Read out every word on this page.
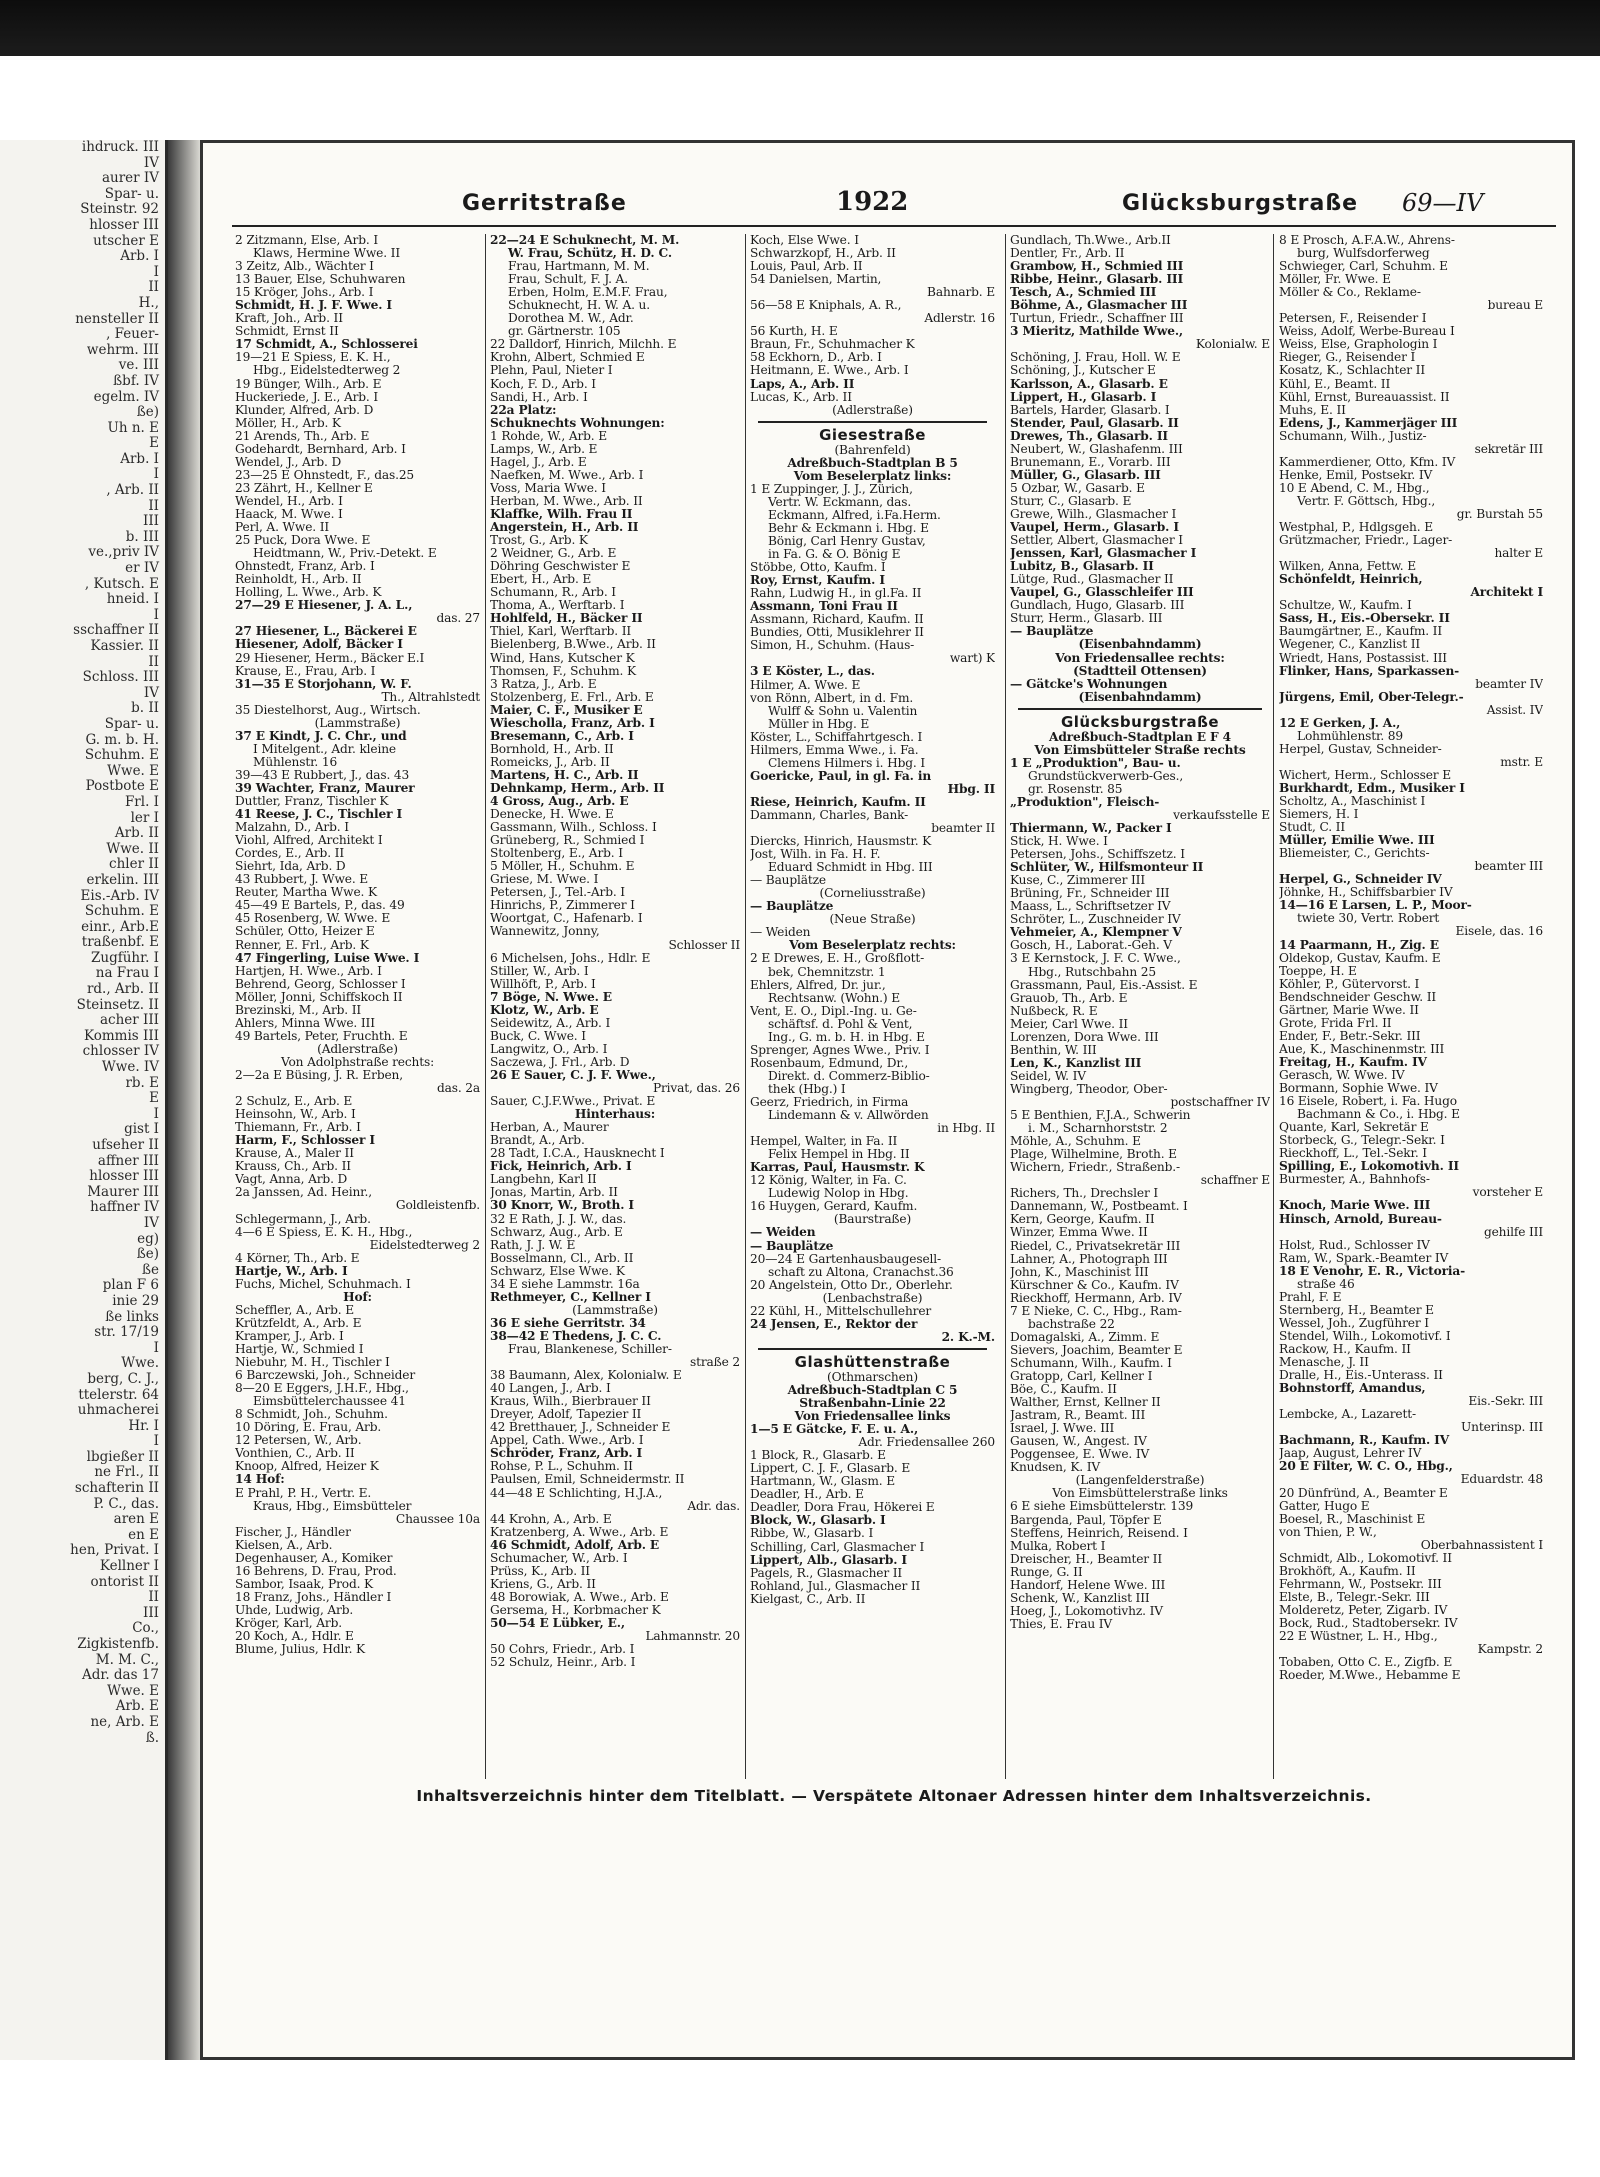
ihdruck. III
IV
aurer IV
Spar- u.
Steinstr. 92
hlosser III
utscher E
Arb. I
I
II
H.,
nensteller II
, Feuer-
wehrm. III
ve. III
ßbf. IV
egelm. IV
ße)
Uh n. E
E
Arb. I
I
, Arb. II
II
III
b. III
ve.,priv IV
er IV
, Kutsch. E
hneid. I
I
sschaffner II
Kassier. II
II
Schloss. III
IV
b. II
Spar- u.
G. m. b. H.
Schuhm. E
Wwe. E
Postbote E
Frl. I
ler I
Arb. II
Wwe. II
chler II
erkelin. III
Eis.-Arb. IV
Schuhm. E
einr., Arb.E
traßenbf. E
Zugführ. I
na Frau I
rd., Arb. II
Steinsetz. II
acher III
Kommis III
chlosser IV
Wwe. IV
rb. E
E
I
gist I
ufseher II
affner III
hlosser III
Maurer III
haffner IV
IV
eg)
ße)
ße
plan F 6
inie 29
ße links
str. 17/19
I
Wwe.
berg, C. J.,
ttelerstr. 64
uhmacherei
Hr. I
I
lbgießer II
ne Frl., II
schafterin II
P. C., das.
aren E
en E
hen, Privat. I
Kellner I
ontorist II
II
III
Co.,
Zigkistenfb.
M. M. C.,
Adr. das 17
Wwe. E
Arb. E
ne, Arb. E
ß.
Gerritstraße	1922	Glücksburgstraße 69—IV
2 Zitzmann, Else, Arb. I
Klaws, Hermine Wwe. II
3 Zeitz, Alb., Wächter I
13 Bauer, Else, Schuhwaren
15 Kröger, Johs., Arb. I
Schmidt, H. J. F. Wwe. I
Kraft, Joh., Arb. II
Schmidt, Ernst II
17 Schmidt, A., Schlosserei
19—21 E Spiess, E. K. H.,
Hbg., Eidelstedterweg 2
19 Bünger, Wilh., Arb. E
Huckeriede, J. E., Arb. I
Klunder, Alfred, Arb. D
Möller, H., Arb. K
21 Arends, Th., Arb. E
Godehardt, Bernhard, Arb. I
Wendel, J., Arb. D
23—25 E Ohnstedt, F., das.25
23 Zährt, H., Kellner E
Wendel, H., Arb. I
Haack, M. Wwe. I
Perl, A. Wwe. II
25 Puck, Dora Wwe. E
Heidtmann, W., Priv.-Detekt. E
Ohnstedt, Franz, Arb. I
Reinholdt, H., Arb. II
Holling, L. Wwe., Arb. K
27—29 E Hiesener, J. A. L.,
das. 27
27 Hiesener, L., Bäckerei E
Hiesener, Adolf, Bäcker I
29 Hiesener, Herm., Bäcker E.I
Krause, E., Frau, Arb. I
31—35 E Storjohann, W. F.
Th., Altrahlstedt
35 Diestelhorst, Aug., Wirtsch.
(Lammstraße)
37 E Kindt, J. C. Chr., und
I Mitelgent., Adr. kleine
Mühlenstr. 16
39—43 E Rubbert, J., das. 43
39 Wachter, Franz, Maurer
Duttler, Franz, Tischler K
41 Reese, J. C., Tischler I
Malzahn, D., Arb. I
Viohl, Alfred, Architekt I
Cordes, E., Arb. II
Siehrt, Ida, Arb. D
43 Rubbert, J. Wwe. E
Reuter, Martha Wwe. K
45—49 E Bartels, P., das. 49
45 Rosenberg, W. Wwe. E
Schüler, Otto, Heizer E
Renner, E. Frl., Arb. K
47 Fingerling, Luise Wwe. I
Hartjen, H. Wwe., Arb. I
Behrend, Georg, Schlosser I
Möller, Jonni, Schiffskoch II
Brezinski, M., Arb. II
Ahlers, Minna Wwe. III
49 Bartels, Peter, Fruchth. E
(Adlerstraße)
Von Adolphstraße rechts:
2—2a E Büsing, J. R. Erben,
das. 2a
2 Schulz, E., Arb. E
Heinsohn, W., Arb. I
Thiemann, Fr., Arb. I
Harm, F., Schlosser I
Krause, A., Maler II
Krauss, Ch., Arb. II
Vagt, Anna, Arb. D
2a Janssen, Ad. Heinr.,
Goldleistenfb.
Schlegermann, J., Arb.
4—6 E Spiess, E. K. H., Hbg.,
Eidelstedterweg 2
4 Körner, Th., Arb. E
Hartje, W., Arb. I
Fuchs, Michel, Schuhmach. I
Hof:
Scheffler, A., Arb. E
Krützfeldt, A., Arb. E
Kramper, J., Arb. I
Hartje, W., Schmied I
Niebuhr, M. H., Tischler I
6 Barczewski, Joh., Schneider
8—20 E Eggers, J.H.F., Hbg.,
Eimsbüttelerchaussee 41
8 Schmidt, Joh., Schuhm.
10 Döring, E. Frau, Arb.
12 Petersen, W., Arb.
Vonthien, C., Arb. II
Knoop, Alfred, Heizer K
14 Hof:
E Prahl, P. H., Vertr. E.
Kraus, Hbg., Eimsbütteler
Chaussee 10a
Fischer, J., Händler
Kielsen, A., Arb.
Degenhauser, A., Komiker
16 Behrens, D. Frau, Prod.
Sambor, Isaak, Prod. K
18 Franz, Johs., Händler I
Uhde, Ludwig, Arb.
Kröger, Karl, Arb.
20 Koch, A., Hdlr. E
Blume, Julius, Hdlr. K
22—24 E Schuknecht, M. M.
W. Frau, Schütz, H. D. C.
Frau, Hartmann, M. M.
Frau, Schult, F. J. A.
Erben, Holm, E.M.F. Frau,
Schuknecht, H. W. A. u.
Dorothea M. W., Adr.
gr. Gärtnerstr. 105
22 Dalldorf, Hinrich, Milchh. E
Krohn, Albert, Schmied E
Plehn, Paul, Nieter I
Koch, F. D., Arb. I
Sandi, H., Arb. I
22a Platz:
Schuknechts Wohnungen:
1 Rohde, W., Arb. E
Lamps, W., Arb. E
Hagel, J., Arb. E
Naefken, M. Wwe., Arb. I
Voss, Maria Wwe. I
Herban, M. Wwe., Arb. II
Klaffke, Wilh. Frau II
Angerstein, H., Arb. II
Trost, G., Arb. K
2 Weidner, G., Arb. E
Döhring Geschwister E
Ebert, H., Arb. E
Schumann, R., Arb. I
Thoma, A., Werftarb. I
Hohlfeld, H., Bäcker II
Thiel, Karl, Werftarb. II
Bielenberg, B.Wwe., Arb. II
Wind, Hans, Kutscher K
Thomsen, F., Schuhm. K
3 Ratza, J., Arb. E
Stolzenberg, E. Frl., Arb. E
Maier, C. F., Musiker E
Wieschollа, Franz, Arb. I
Bresemann, C., Arb. I
Bornhold, H., Arb. II
Romeicks, J., Arb. II
Martens, H. C., Arb. II
Dehnkamp, Herm., Arb. II
4 Gross, Aug., Arb. E
Denecke, H. Wwe. E
Gassmann, Wilh., Schloss. I
Grüneberg, R., Schmied I
Stoltenberg, E., Arb. I
5 Möller, H., Schuhm. E
Griese, M. Wwe. I
Petersen, J., Tel.-Arb. I
Hinrichs, P., Zimmerer I
Woortgat, C., Hafenarb. I
Wannewitz, Jonny,
Schlosser II
6 Michelsen, Johs., Hdlr. E
Stiller, W., Arb. I
Willhöft, P., Arb. I
7 Böge, N. Wwe. E
Klotz, W., Arb. E
Seidewitz, A., Arb. I
Buck, C. Wwe. I
Langwitz, O., Arb. I
Saczewa, J. Frl., Arb. D
26 E Sauer, C. J. F. Wwe.,
Privat, das. 26
Sauer, C.J.F.Wwe., Privat. E
Hinterhaus:
Herban, A., Maurer
Brandt, A., Arb.
28 Tadt, I.C.A., Hausknecht I
Fick, Heinrich, Arb. I
Langbehn, Karl II
Jonas, Martin, Arb. II
30 Knorr, W., Broth. I
32 E Rath, J. J. W., das.
Schwarz, Aug., Arb. E
Rath, J. J. W. E
Bosselmann, Cl., Arb. II
Schwarz, Else Wwe. K
34 E siehe Lammstr. 16a
Rethmeyer, C., Kellner I
(Lammstraße)
36 E siehe Gerritstr. 34
38—42 E Thedens, J. C. C.
Frau, Blankenese, Schiller-
straße 2
38 Baumann, Alex, Kolonialw. E
40 Langen, J., Arb. I
Kraus, Wilh., Bierbrauer II
Dreyer, Adolf, Tapezier II
42 Bretthauer, J., Schneider E
Appel, Cath. Wwe., Arb. I
Schröder, Franz, Arb. I
Rohse, P. L., Schuhm. II
Paulsen, Emil, Schneidermstr. II
44—48 E Schlichting, H.J.A.,
Adr. das.
44 Krohn, A., Arb. E
Kratzenberg, A. Wwe., Arb. E
46 Schmidt, Adolf, Arb. E
Schumacher, W., Arb. I
Prüss, K., Arb. II
Kriens, G., Arb. II
48 Borowiak, A. Wwe., Arb. E
Gersema, H., Korbmacher K
50—54 E Lübker, E.,
Lahmannstr. 20
50 Cohrs, Friedr., Arb. I
52 Schulz, Heinr., Arb. I
Koch, Else Wwe. I
Schwarzkopf, H., Arb. II
Louis, Paul, Arb. II
54 Danielsen, Martin,
Bahnarb. E
56—58 E Kniphals, A. R.,
Adlerstr. 16
56 Kurth, H. E
Braun, Fr., Schuhmacher K
58 Eckhorn, D., Arb. I
Heitmann, E. Wwe., Arb. I
Laps, A., Arb. II
Lucas, K., Arb. II
(Adlerstraße)
Giesestraße
(Bahrenfeld)
Adreßbuch-Stadtplan B 5
Vom Beselerplatz links:
1 E Zuppinger, J. J., Zürich,
Vertr. W. Eckmann, das.
Eckmann, Alfred, i.Fa.Herm.
Behr & Eckmann i. Hbg. E
Bönig, Carl Henry Gustav,
in Fa. G. & O. Bönig E
Stöbbe, Otto, Kaufm. I
Roy, Ernst, Kaufm. I
Rahn, Ludwig H., in gl.Fa. II
Assmann, Toni Frau II
Assmann, Richard, Kaufm. II
Bundies, Otti, Musiklehrer II
Simon, H., Schuhm. (Haus-
wart) K
3 E Köster, L., das.
Hilmer, A. Wwe. E
von Rönn, Albert, in d. Fm.
Wulff & Sohn u. Valentin
Müller in Hbg. E
Köster, L., Schiffahrtgesch. I
Hilmers, Emma Wwe., i. Fa.
Clemens Hilmers i. Hbg. I
Goericke, Paul, in gl. Fa. in
Hbg. II
Riese, Heinrich, Kaufm. II
Dammann, Charles, Bank-
beamter II
Diercks, Hinrich, Hausmstr. K
Jost, Wilh. in Fa. H. F.
Eduard Schmidt in Hbg. III
— Bauplätze
(Corneliusstraße)
— Bauplätze
(Neue Straße)
— Weiden
Vom Beselerplatz rechts:
2 E Drewes, E. H., Großflott-
bek, Chemnitzstr. 1
Ehlers, Alfred, Dr. jur.,
Rechtsanw. (Wohn.) E
Vent, E. O., Dipl.-Ing. u. Ge-
schäftsf. d. Pohl & Vent,
Ing., G. m. b. H. in Hbg. E
Sprenger, Agnes Wwe., Priv. I
Rosenbaum, Edmund, Dr.,
Direkt. d. Commerz-Biblio-
thek (Hbg.) I
Geerz, Friedrich, in Firma
Lindemann & v. Allwörden
in Hbg. II
Hempel, Walter, in Fa. II
Felix Hempel in Hbg. II
Karras, Paul, Hausmstr. K
12 König, Walter, in Fa. C.
Ludewig Nolop in Hbg.
16 Huygen, Gerard, Kaufm.
(Baurstraße)
— Weiden
— Bauplätze
20—24 E Gartenhausbaugesell-
schaft zu Altona, Cranachst.36
20 Angelstein, Otto Dr., Oberlehr.
(Lenbachstraße)
22 Kühl, H., Mittelschullehrer
24 Jensen, E., Rektor der
2. K.-M.
Glashüttenstraße
(Othmarschen)
Adreßbuch-Stadtplan C 5
Straßenbahn-Linie 22
Von Friedensallee links
1—5 E Gätcke, F. E. u. A.,
Adr. Friedensallee 260
1 Block, R., Glasarb. E
Lippert, C. J. F., Glasarb. E
Hartmann, W., Glasm. E
Deadler, H., Arb. E
Deadler, Dora Frau, Hökerei E
Block, W., Glasarb. I
Ribbe, W., Glasarb. I
Schilling, Carl, Glasmacher I
Lippert, Alb., Glasarb. I
Pagels, R., Glasmacher II
Rohland, Jul., Glasmacher II
Kielgast, C., Arb. II
Gundlach, Th.Wwe., Arb.II
Dentler, Fr., Arb. II
Grambow, H., Schmied III
Ribbe, Heinr., Glasarb. III
Tesch, A., Schmied III
Böhme, A., Glasmacher III
Turtun, Friedr., Schaffner III
3 Mieritz, Mathilde Wwe.,
Kolonialw. E
Schöning, J. Frau, Holl. W. E
Schöning, J., Kutscher E
Karlsson, A., Glasarb. E
Lippert, H., Glasarb. I
Bartels, Harder, Glasarb. I
Stender, Paul, Glasarb. II
Drewes, Th., Glasarb. II
Neubert, W., Glashafenm. III
Brunemann, E., Vorarb. III
Müller, G., Glasarb. III
5 Ozbar, W., Gasarb. E
Sturr, C., Glasarb. E
Grewe, Wilh., Glasmacher I
Vaupel, Herm., Glasarb. I
Settler, Albert, Glasmacher I
Jenssen, Karl, Glasmacher I
Lubitz, B., Glasarb. II
Lütge, Rud., Glasmacher II
Vaupel, G., Glasschleifer III
Gundlach, Hugo, Glasarb. III
Sturr, Herm., Glasarb. III
— Bauplätze
(Eisenbahndamm)
Von Friedensallee rechts:
(Stadtteil Ottensen)
— Gätcke's Wohnungen
(Eisenbahndamm)
Glücksburgstraße
Adreßbuch-Stadtplan E F 4
Von Eimsbütteler Straße rechts
1 E „Produktion", Bau- u.
Grundstückverwerb-Ges.,
gr. Rosenstr. 85
„Produktion", Fleisch-
verkaufsstelle E
Thiermann, W., Packer I
Stick, H. Wwe. I
Petersen, Johs., Schiffszetz. I
Schlüter, W., Hilfsmonteur II
Kuse, C., Zimmerer III
Brüning, Fr., Schneider III
Maass, L., Schriftsetzer IV
Schröter, L., Zuschneider IV
Vehmeier, A., Klempner V
Gosch, H., Laborat.-Geh. V
3 E Kernstock, J. F. C. Wwe.,
Hbg., Rutschbahn 25
Grassmann, Paul, Eis.-Assist. E
Grauob, Th., Arb. E
Nußbeck, R. E
Meier, Carl Wwe. II
Lorenzen, Dora Wwe. III
Benthin, W. III
Len, K., Kanzlist III
Seidel, W. IV
Wingberg, Theodor, Ober-
postschaffner IV
5 E Benthien, F.J.A., Schwerin
i. M., Scharnhorststr. 2
Möhle, A., Schuhm. E
Plage, Wilhelmine, Broth. E
Wichern, Friedr., Straßenb.-
schaffner E
Richers, Th., Drechsler I
Dannemann, W., Postbeamt. I
Kern, George, Kaufm. II
Winzer, Emma Wwe. II
Riedel, C., Privatsekretär III
Lahner, A., Photograph III
John, K., Maschinist III
Kürschner & Co., Kaufm. IV
Rieckhoff, Hermann, Arb. IV
7 E Nieke, C. C., Hbg., Ram-
bachstraße 22
Domagalski, A., Zimm. E
Sievers, Joachim, Beamter E
Schumann, Wilh., Kaufm. I
Gratopp, Carl, Kellner I
Böe, C., Kaufm. II
Walther, Ernst, Kellner II
Jastram, R., Beamt. III
Israel, J. Wwe. III
Gausen, W., Angest. IV
Poggensee, E. Wwe. IV
Knudsen, K. IV
(Langenfelderstraße)
Von Eimsbüttelerstraße links
6 E siehe Eimsbüttelerstr. 139
Bargenda, Paul, Töpfer E
Steffens, Heinrich, Reisend. I
Mulka, Robert I
Dreischer, H., Beamter II
Runge, G. II
Handorf, Helene Wwe. III
Schenk, W., Kanzlist III
Hoeg, J., Lokomotivhz. IV
Thies, E. Frau IV
8 E Prosch, A.F.A.W., Ahrens-
burg, Wulfsdorferweg
Schwieger, Carl, Schuhm. E
Möller, Fr. Wwe. E
Möller & Co., Reklame-
bureau E
Petersen, F., Reisender I
Weiss, Adolf, Werbe-Bureau I
Weiss, Else, Graphologin I
Rieger, G., Reisender I
Kosatz, K., Schlachter II
Kühl, E., Beamt. II
Kühl, Ernst, Bureauassist. II
Muhs, E. II
Edens, J., Kammerjäger III
Schumann, Wilh., Justiz-
sekretär III
Kammerdiener, Otto, Kfm. IV
Henke, Emil, Postsekr. IV
10 E Abend, C. M., Hbg.,
Vertr. F. Göttsch, Hbg.,
gr. Burstah 55
Westphal, P., Hdlgsgeh. E
Grützmacher, Friedr., Lager-
halter E
Wilken, Anna, Fettw. E
Schönfeldt, Heinrich,
Architekt I
Schultze, W., Kaufm. I
Sass, H., Eis.-Obersekr. II
Baumgärtner, E., Kaufm. II
Wegener, C., Kanzlist II
Wriedt, Hans, Postassist. III
Flinker, Hans, Sparkassen-
beamter IV
Jürgens, Emil, Ober-Telegr.-
Assist. IV
12 E Gerken, J. A.,
Lohmühlenstr. 89
Herpel, Gustav, Schneider-
mstr. E
Wichert, Herm., Schlosser E
Burkhardt, Edm., Musiker I
Scholtz, A., Maschinist I
Siemers, H. I
Studt, C. II
Müller, Emilie Wwe. III
Bliemeister, C., Gerichts-
beamter III
Herpel, G., Schneider IV
Jöhnke, H., Schiffsbarbier IV
14—16 E Larsen, L. P., Moor-
twiete 30, Vertr. Robert
Eisele, das. 16
14 Paarmann, H., Zig. E
Oldekop, Gustav, Kaufm. E
Toeppe, H. E
Köhler, P., Gütervorst. I
Bendschneider Geschw. II
Gärtner, Marie Wwe. II
Grote, Frida Frl. II
Ender, F., Betr.-Sekr. III
Aue, K., Maschinenmstr. III
Freitag, H., Kaufm. IV
Gerasch, W. Wwe. IV
Bormann, Sophie Wwe. IV
16 Eisele, Robert, i. Fa. Hugo
Bachmann & Co., i. Hbg. E
Quante, Karl, Sekretär E
Storbeck, G., Telegr.-Sekr. I
Rieckhoff, L., Tel.-Sekr. I
Spilling, E., Lokomotivh. II
Burmester, A., Bahnhofs-
vorsteher E
Knoch, Marie Wwe. III
Hinsch, Arnold, Bureau-
gehilfe III
Holst, Rud., Schlosser IV
Ram, W., Spark.-Beamter IV
18 E Venohr, E. R., Victoria-
straße 46
Prahl, F. E
Sternberg, H., Beamter E
Wessel, Joh., Zugführer I
Stendel, Wilh., Lokomotivf. I
Rackow, H., Kaufm. II
Menasche, J. II
Dralle, H., Eis.-Unterass. II
Bohnstorff, Amandus,
Eis.-Sekr. III
Lembcke, A., Lazarett-
Unterinsp. III
Bachmann, R., Kaufm. IV
Jaap, August, Lehrer IV
20 E Filter, W. C. O., Hbg.,
Eduardstr. 48
20 Dünfründ, A., Beamter E
Gatter, Hugo E
Boesel, R., Maschinist E
von Thien, P. W.,
Oberbahnassistent I
Schmidt, Alb., Lokomotivf. II
Brokhöft, A., Kaufm. II
Fehrmann, W., Postsekr. III
Elste, B., Telegr.-Sekr. III
Molderetz, Peter, Zigarb. IV
Bock, Rud., Stadtobersekr. IV
22 E Wüstner, L. H., Hbg.,
Kampstr. 2
Tobaben, Otto C. E., Zigfb. E
Roeder, M.Wwe., Hebamme E
Inhaltsverzeichnis hinter dem Titelblatt. — Verspätete Altonaer Adressen hinter dem Inhaltsverzeichnis.
